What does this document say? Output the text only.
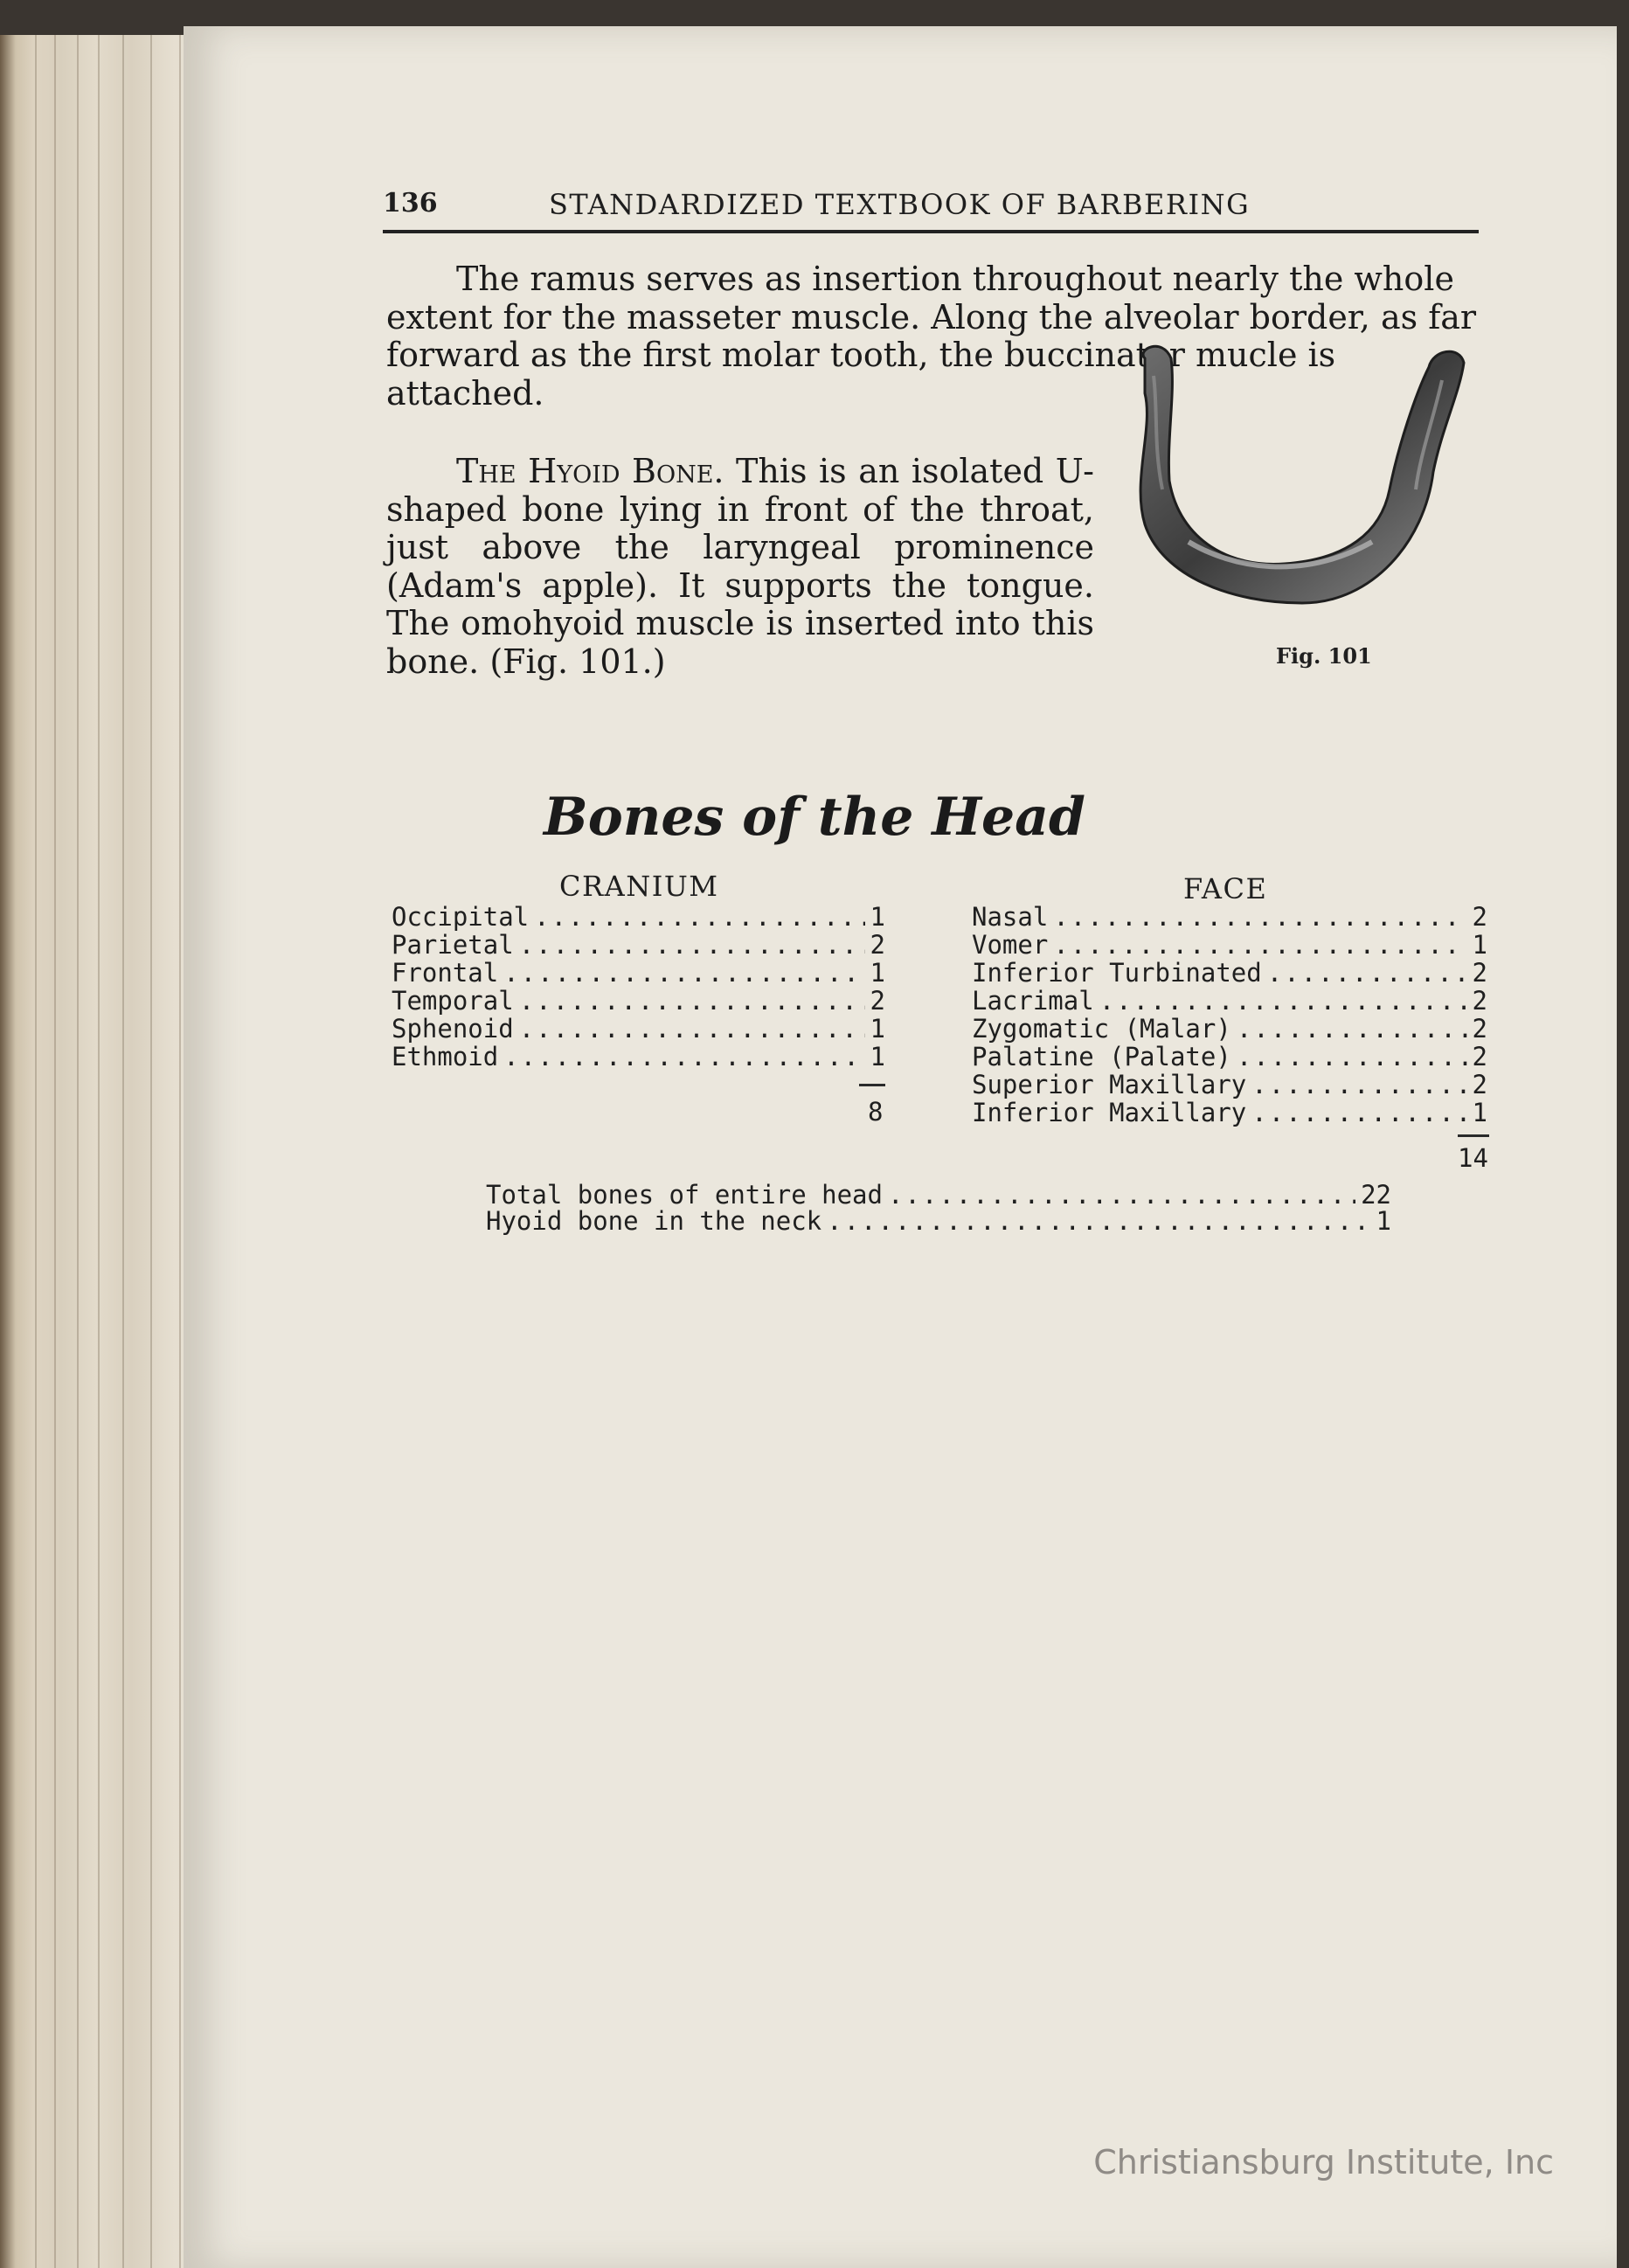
136	STANDARDIZED TEXTBOOK OF BARBERING
The ramus serves as insertion throughout nearly the whole extent for the masseter muscle. Along the alveolar border, as far forward as the first molar tooth, the buccinator mucle is attached.
The Hyoid Bone. This is an isolated U-shaped bone lying in front of the throat, just above the laryngeal prominence (Adam's apple). It supports the tongue. The omohyoid muscle is inserted into this bone. (Fig. 101.)	Fig. 101
Bones of the Head
CRANIUM	FACE
Occipital .....	1
Parietal .....	2
Frontal .....	1
Temporal .....	2
Sphenoid .....	1
Ethmoid .....	1
8
Nasal .....	2
Vomer .....	1
Inferior Turbinated .....	2
Lacrimal .....	2
Zygomatic (Malar) .....	2
Palatine (Palate) .....	2
Superior Maxillary .....	2
Inferior Maxillary .....	1
14
Total bones of entire head .....	22
Hyoid bone in the neck .....	1
Christiansburg Institute, Inc
